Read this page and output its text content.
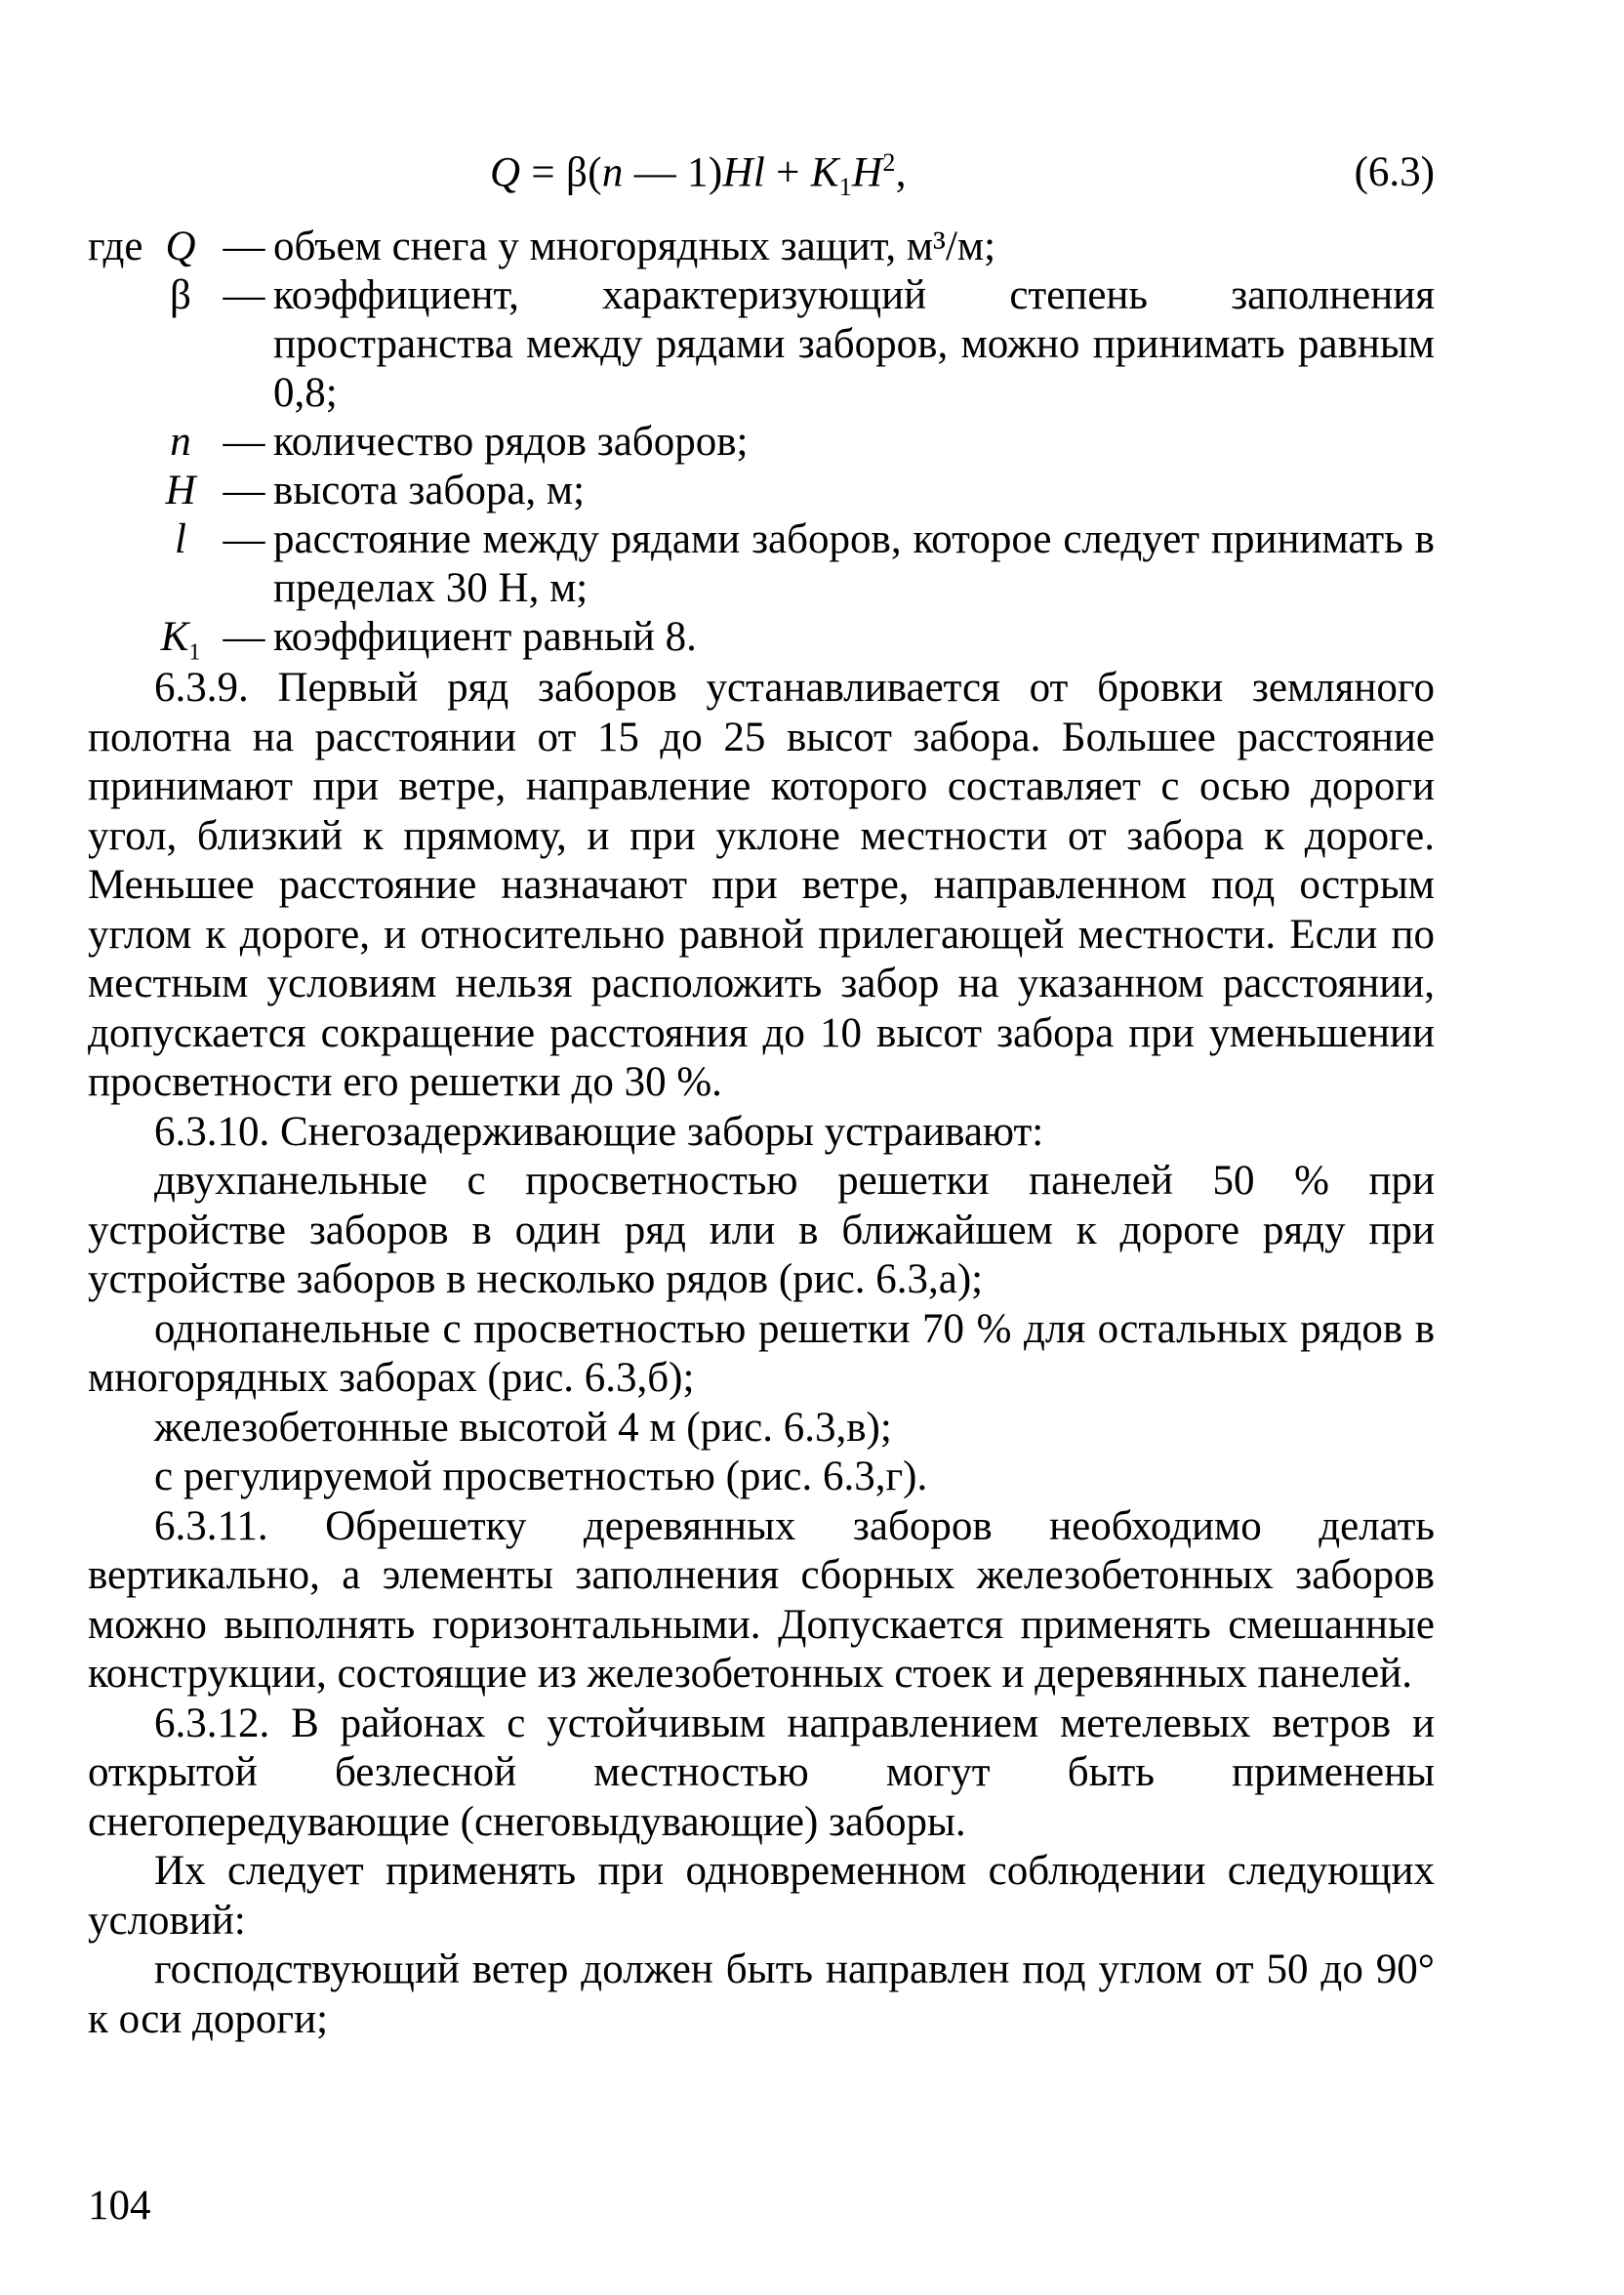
Q = β(n — $1)Hl + K_1H^2$,	(6.3)
где Q — объем снега у многорядных защит, м³/м;
β — коэффициент, характеризующий степень заполнения пространства между рядами заборов, можно принимать равным 0,8;
n — количество рядов заборов;
H — высота забора, м;
l — расстояние между рядами заборов, которое следует принимать в пределах 30 Н, м;
$K_1$ — коэффициент равный 8.

6.3.9. Первый ряд заборов устанавливается от бровки земляного полотна на расстоянии от 15 до 25 высот забора. Большее расстояние принимают при ветре, направление которого составляет с осью дороги угол, близкий к прямому, и при уклоне местности от забора к дороге. Меньшее расстояние назначают при ветре, направленном под острым углом к дороге, и относительно равной прилегающей местности. Если по местным условиям нельзя расположить забор на указанном расстоянии, допускается сокращение расстояния до 10 высот забора при уменьшении просветности его решетки до 30 %.

6.3.10. Снегозадерживающие заборы устраивают:

двухпанельные с просветностью решетки панелей 50 % при устройстве заборов в один ряд или в ближайшем к дороге ряду при устройстве заборов в несколько рядов (рис. 6.3,а);

однопанельные с просветностью решетки 70 % для остальных рядов в многорядных заборах (рис. 6.3,б);

железобетонные высотой 4 м (рис. 6.3,в);

с регулируемой просветностью (рис. 6.3,г).

6.3.11. Обрешетку деревянных заборов необходимо делать вертикально, а элементы заполнения сборных железобетонных заборов можно выполнять горизонтальными. Допускается применять смешанные конструкции, состоящие из железобетонных стоек и деревянных панелей.

6.3.12. В районах с устойчивым направлением метелевых ветров и открытой безлесной местностью могут быть применены снегопередувающие (снеговыдувающие) заборы.

Их следует применять при одновременном соблюдении следующих условий:

господствующий ветер должен быть направлен под углом от 50 до 90° к оси дороги;

104
